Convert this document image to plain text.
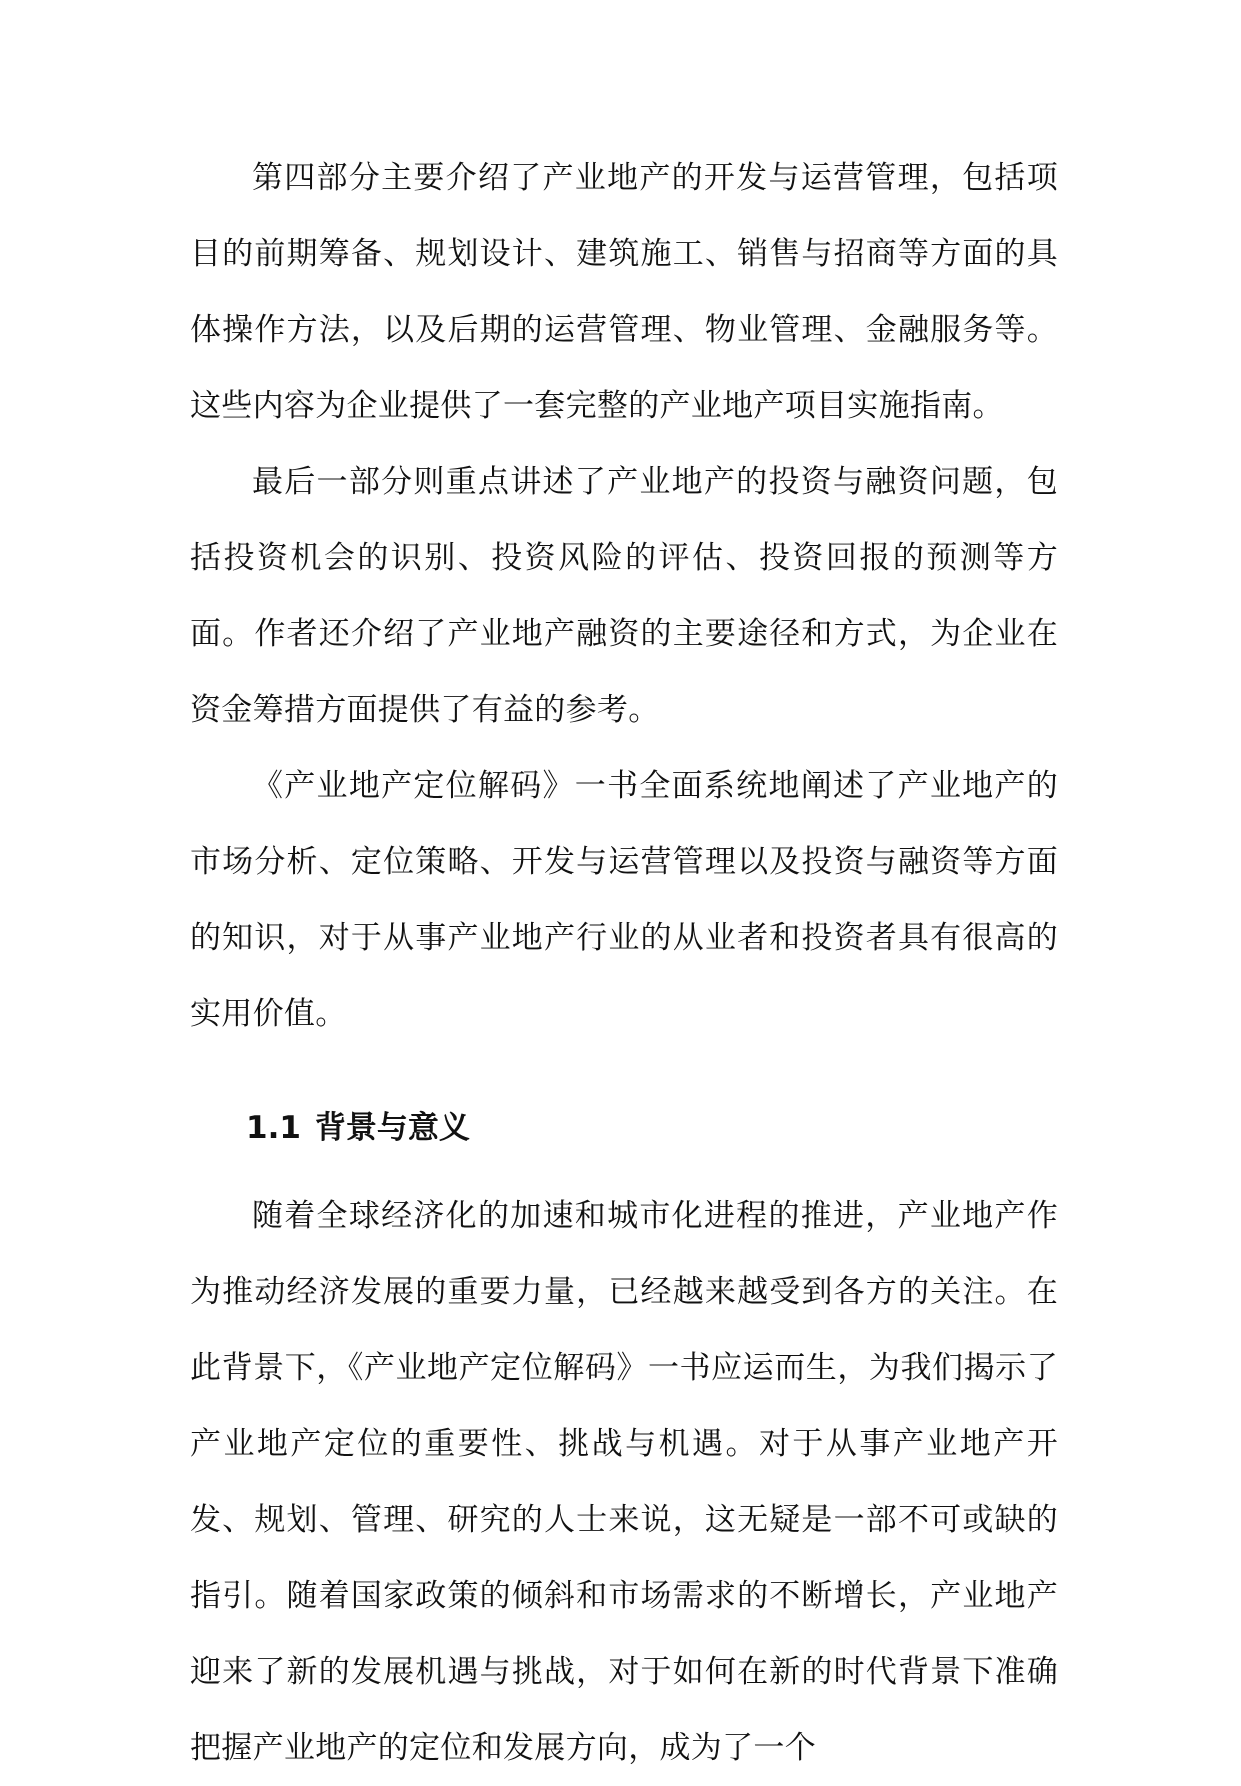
第四部分主要介绍了产业地产的开发与运营管理，包括项目的前期筹备、规划设计、建筑施工、销售与招商等方面的具体操作方法，以及后期的运营管理、物业管理、金融服务等。这些内容为企业提供了一套完整的产业地产项目实施指南。

最后一部分则重点讲述了产业地产的投资与融资问题，包括投资机会的识别、投资风险的评估、投资回报的预测等方面。作者还介绍了产业地产融资的主要途径和方式，为企业在资金筹措方面提供了有益的参考。

《产业地产定位解码》一书全面系统地阐述了产业地产的市场分析、定位策略、开发与运营管理以及投资与融资等方面的知识，对于从事产业地产行业的从业者和投资者具有很高的实用价值。

1.1 背景与意义

随着全球经济化的加速和城市化进程的推进，产业地产作为推动经济发展的重要力量，已经越来越受到各方的关注。在此背景下，《产业地产定位解码》一书应运而生，为我们揭示了产业地产定位的重要性、挑战与机遇。对于从事产业地产开发、规划、管理、研究的人士来说，这无疑是一部不可或缺的指引。随着国家政策的倾斜和市场需求的不断增长，产业地产迎来了新的发展机遇与挑战，对于如何在新的时代背景下准确把握产业地产的定位和发展方向，成为了一个
